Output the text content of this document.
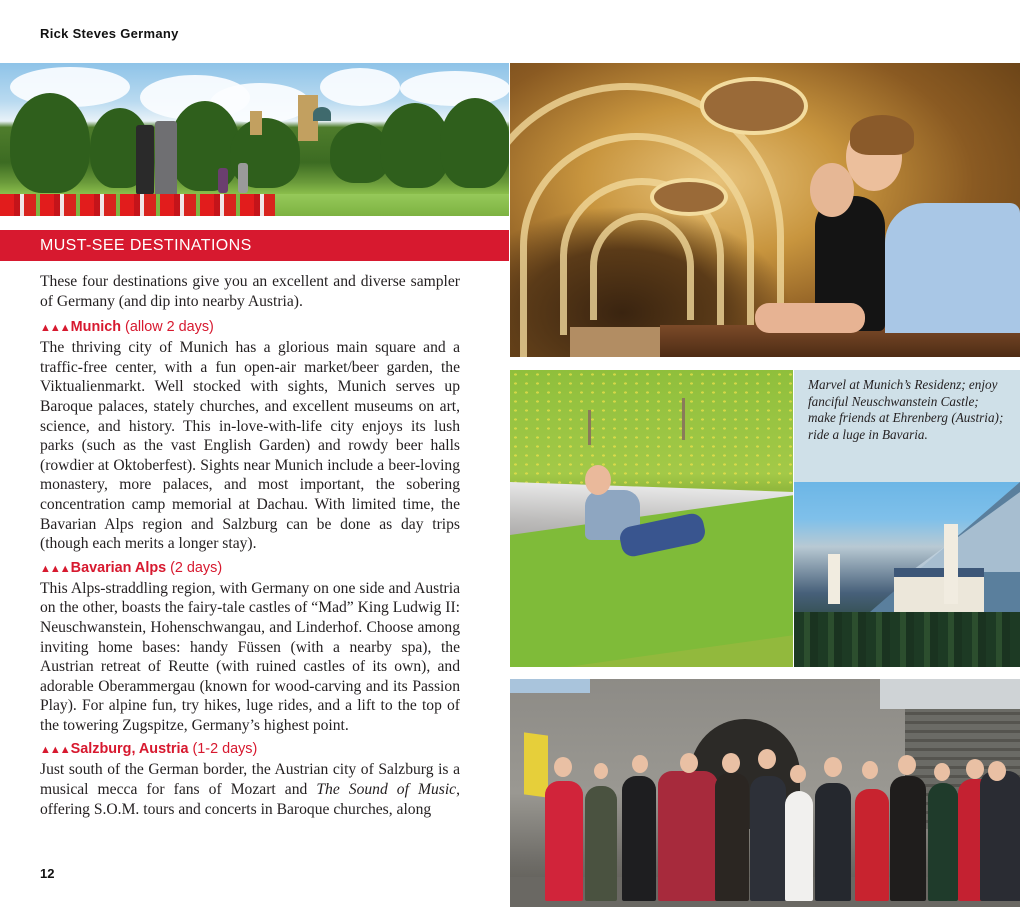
Rick Steves Germany
MUST-SEE DESTINATIONS

These four destinations give you an excellent and diverse sampler of Germany (and dip into nearby Austria).

▲▲▲Munich (allow 2 days)

The thriving city of Munich has a glorious main square and a traffic-free center, with a fun open-air market/beer garden, the Viktualienmarkt. Well stocked with sights, Munich serves up Baroque palaces, stately churches, and excellent museums on art, science, and history. This in-love-with-life city enjoys its lush parks (such as the vast English Garden) and rowdy beer halls (rowdier at Oktoberfest). Sights near Munich include a beer-loving monastery, more palaces, and most important, the sobering concentration camp memorial at Dachau. With limited time, the Bavarian Alps region and Salzburg can be done as day trips (though each merits a longer stay).

▲▲▲Bavarian Alps (2 days)

This Alps-straddling region, with Germany on one side and Austria on the other, boasts the fairy-tale castles of “Mad” King Ludwig II: Neuschwanstein, Hohenschwangau, and Linderhof. Choose among inviting home bases: handy Füssen (with a nearby spa), the Austrian retreat of Reutte (with ruined castles of its own), and adorable Oberammergau (known for wood-carving and its Passion Play). For alpine fun, try hikes, luge rides, and a lift to the top of the towering Zugspitze, Germany’s highest point.

▲▲▲Salzburg, Austria (1-2 days)

Just south of the German border, the Austrian city of Salzburg is a musical mecca for fans of Mozart and The Sound of Music, offering S.O.M. tours and concerts in Baroque churches, along

12
Marvel at Munich’s Residenz; enjoy fanciful Neuschwanstein Castle; make friends at Ehrenberg (Austria); ride a luge in Bavaria.
